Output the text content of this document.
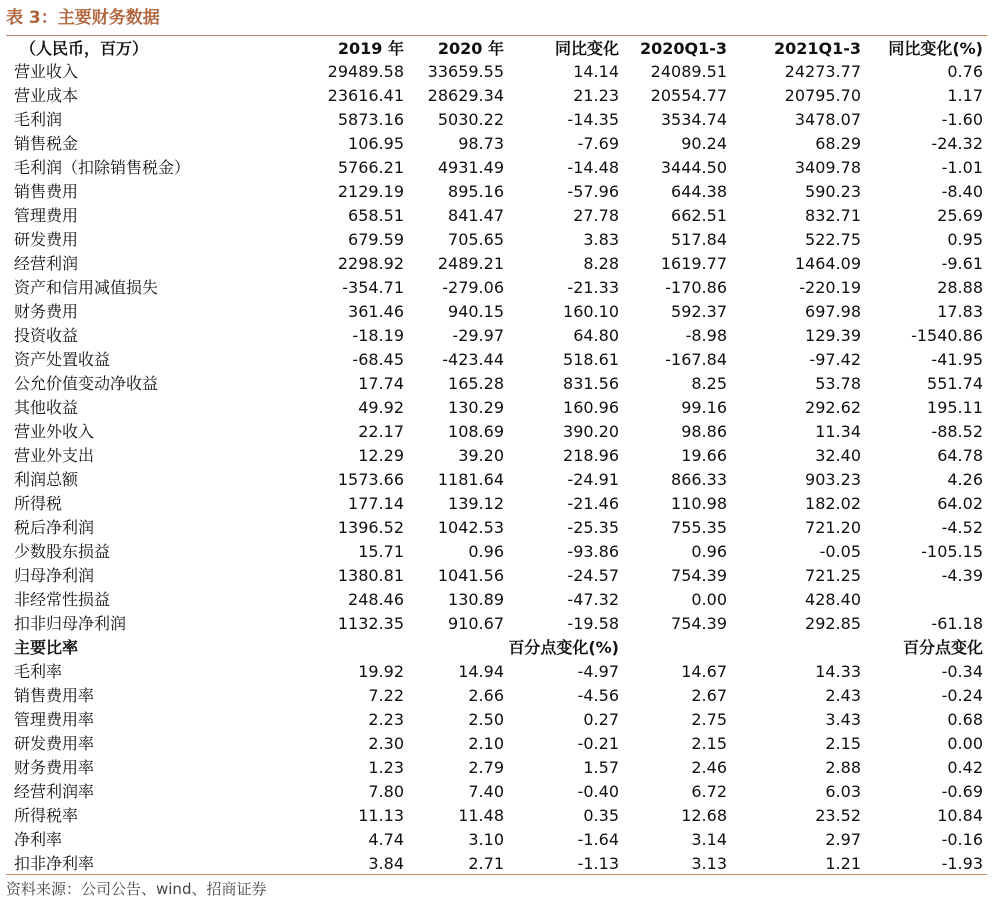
表 3：主要财务数据
（人民币，百万）	2019 年	2020 年	同比变化	2020Q1-3	2021Q1-3	同比变化(%)
营业收入	29489.58	33659.55	14.14	24089.51	24273.77	0.76
营业成本	23616.41	28629.34	21.23	20554.77	20795.70	1.17
毛利润	5873.16	5030.22	-14.35	3534.74	3478.07	-1.60
销售税金	106.95	98.73	-7.69	90.24	68.29	-24.32
毛利润（扣除销售税金）	5766.21	4931.49	-14.48	3444.50	3409.78	-1.01
销售费用	2129.19	895.16	-57.96	644.38	590.23	-8.40
管理费用	658.51	841.47	27.78	662.51	832.71	25.69
研发费用	679.59	705.65	3.83	517.84	522.75	0.95
经营利润	2298.92	2489.21	8.28	1619.77	1464.09	-9.61
资产和信用减值损失	-354.71	-279.06	-21.33	-170.86	-220.19	28.88
财务费用	361.46	940.15	160.10	592.37	697.98	17.83
投资收益	-18.19	-29.97	64.80	-8.98	129.39	-1540.86
资产处置收益	-68.45	-423.44	518.61	-167.84	-97.42	-41.95
公允价值变动净收益	17.74	165.28	831.56	8.25	53.78	551.74
其他收益	49.92	130.29	160.96	99.16	292.62	195.11
营业外收入	22.17	108.69	390.20	98.86	11.34	-88.52
营业外支出	12.29	39.20	218.96	19.66	32.40	64.78
利润总额	1573.66	1181.64	-24.91	866.33	903.23	4.26
所得税	177.14	139.12	-21.46	110.98	182.02	64.02
税后净利润	1396.52	1042.53	-25.35	755.35	721.20	-4.52
少数股东损益	15.71	0.96	-93.86	0.96	-0.05	-105.15
归母净利润	1380.81	1041.56	-24.57	754.39	721.25	-4.39
非经常性损益	248.46	130.89	-47.32	0.00	428.40	
扣非归母净利润	1132.35	910.67	-19.58	754.39	292.85	-61.18
主要比率			百分点变化(%)			百分点变化
毛利率	19.92	14.94	-4.97	14.67	14.33	-0.34
销售费用率	7.22	2.66	-4.56	2.67	2.43	-0.24
管理费用率	2.23	2.50	0.27	2.75	3.43	0.68
研发费用率	2.30	2.10	-0.21	2.15	2.15	0.00
财务费用率	1.23	2.79	1.57	2.46	2.88	0.42
经营利润率	7.80	7.40	-0.40	6.72	6.03	-0.69
所得税率	11.13	11.48	0.35	12.68	23.52	10.84
净利率	4.74	3.10	-1.64	3.14	2.97	-0.16
扣非净利率	3.84	2.71	-1.13	3.13	1.21	-1.93
资料来源：公司公告、wind、招商证券
